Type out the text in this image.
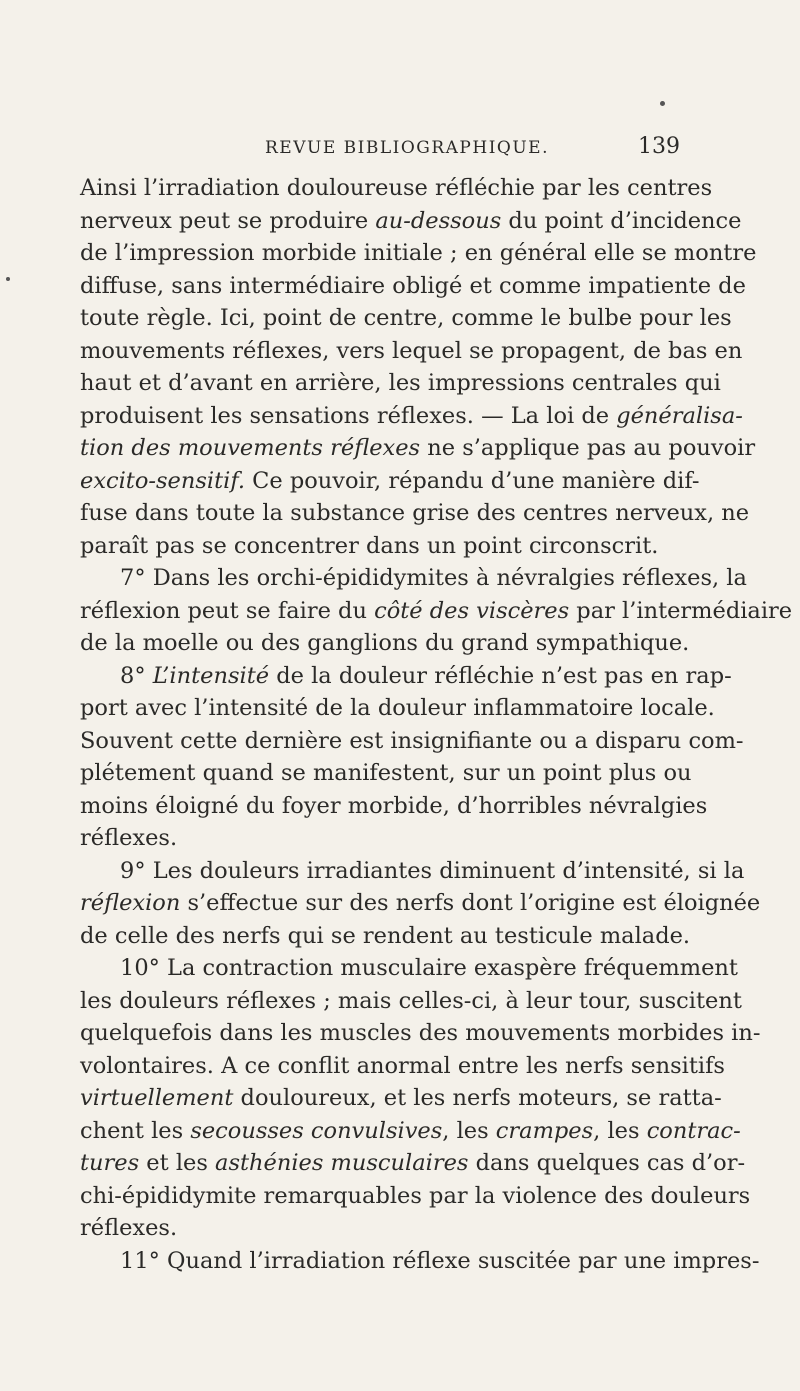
REVUE BIBLIOGRAPHIQUE.	139
Ainsi l’irradiation douloureuse réfléchie par les centres
nerveux peut se produire au-dessous du point d’incidence
de l’impression morbide initiale ; en général elle se montre
diffuse, sans intermédiaire obligé et comme impatiente de
toute règle. Ici, point de centre, comme le bulbe pour les
mouvements réflexes, vers lequel se propagent, de bas en
haut et d’avant en arrière, les impressions centrales qui
produisent les sensations réflexes. — La loi de généralisa-
tion des mouvements réflexes ne s’applique pas au pouvoir
excito-sensitif. Ce pouvoir, répandu d’une manière dif-
fuse dans toute la substance grise des centres nerveux, ne
paraît pas se concentrer dans un point circonscrit.
7° Dans les orchi-épididymites à névralgies réflexes, la
réflexion peut se faire du côté des viscères par l’intermédiaire
de la moelle ou des ganglions du grand sympathique.
8° L’intensité de la douleur réfléchie n’est pas en rap-
port avec l’intensité de la douleur inflammatoire locale.
Souvent cette dernière est insignifiante ou a disparu com-
plétement quand se manifestent, sur un point plus ou
moins éloigné du foyer morbide, d’horribles névralgies
réflexes.
9° Les douleurs irradiantes diminuent d’intensité, si la
réflexion s’effectue sur des nerfs dont l’origine est éloignée
de celle des nerfs qui se rendent au testicule malade.
10° La contraction musculaire exaspère fréquemment
les douleurs réflexes ; mais celles-ci, à leur tour, suscitent
quelquefois dans les muscles des mouvements morbides in-
volontaires. A ce conflit anormal entre les nerfs sensitifs
virtuellement douloureux, et les nerfs moteurs, se ratta-
chent les secousses convulsives, les crampes, les contrac-
tures et les asthénies musculaires dans quelques cas d’or-
chi-épididymite remarquables par la violence des douleurs
réflexes.
11° Quand l’irradiation réflexe suscitée par une impres-
